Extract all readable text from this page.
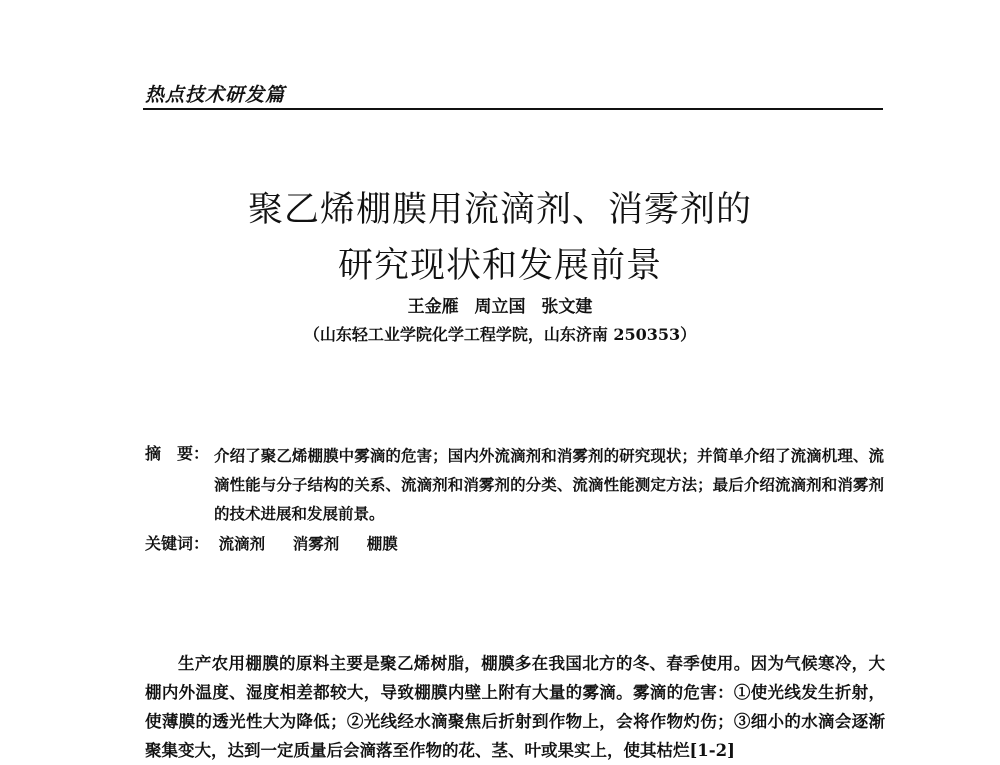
热点技术研发篇
聚乙烯棚膜用流滴剂、消雾剂的
研究现状和发展前景
王金雁 周立国 张文建
（山东轻工业学院化学工程学院，山东济南 250353）
摘　要： 介绍了聚乙烯棚膜中雾滴的危害；国内外流滴剂和消雾剂的研究现状；并简单介绍了流滴机理、流滴性能与分子结构的关系、流滴剂和消雾剂的分类、流滴性能测定方法；最后介绍流滴剂和消雾剂的技术进展和发展前景。
关键词： 流滴剂 消雾剂 棚膜
生产农用棚膜的原料主要是聚乙烯树脂，棚膜多在我国北方的冬、春季使用。因为气候寒冷，大棚内外温度、湿度相差都较大，导致棚膜内壁上附有大量的雾滴。雾滴的危害：①使光线发生折射，使薄膜的透光性大为降低；②光线经水滴聚焦后折射到作物上，会将作物灼伤；③细小的水滴会逐渐聚集变大，达到一定质量后会滴落至作物的花、茎、叶或果实上，使其枯烂[1-2]
